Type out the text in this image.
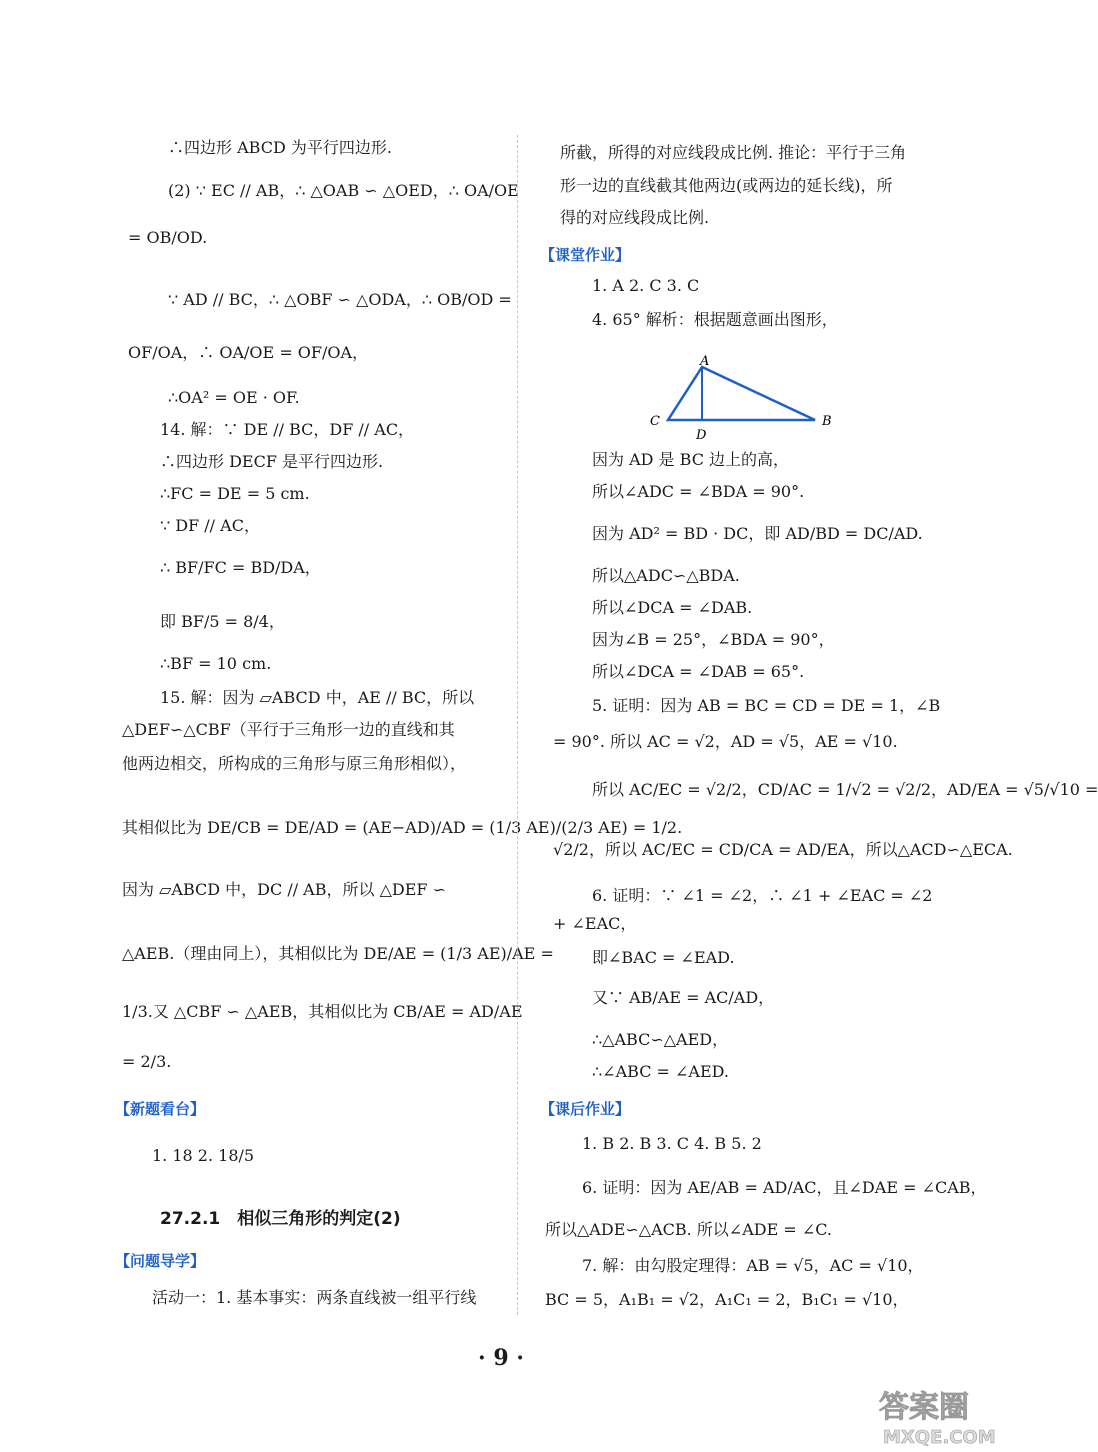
∴四边形 ABCD 为平行四边形.
(2) ∵ EC // AB，∴ △OAB ∽ △OED，∴ OA/OE
= OB/OD.
∵ AD // BC，∴ △OBF ∽ △ODA，∴ OB/OD =
OF/OA，∴ OA/OE = OF/OA，
∴OA² = OE · OF.
14. 解：∵ DE // BC，DF // AC，
∴四边形 DECF 是平行四边形.
∴FC = DE = 5 cm.
∵ DF // AC，
∴ BF/FC = BD/DA，
即 BF/5 = 8/4，
∴BF = 10 cm.
15. 解：因为 ▱ABCD 中，AE // BC，所以
△DEF∽△CBF（平行于三角形一边的直线和其
他两边相交，所构成的三角形与原三角形相似），
其相似比为 DE/CB = DE/AD = (AE−AD)/AD = (1/3 AE)/(2/3 AE) = 1/2.
因为 ▱ABCD 中，DC // AB，所以 △DEF ∽
△AEB.（理由同上），其相似比为 DE/AE = (1/3 AE)/AE =
1/3.又 △CBF ∽ △AEB，其相似比为 CB/AE = AD/AE
= 2/3.
【新题看台】
1. 18 2. 18/5
27.2.1　相似三角形的判定(2)
【问题导学】
活动一：1. 基本事实：两条直线被一组平行线
所截，所得的对应线段成比例. 推论：平行于三角
形一边的直线截其他两边(或两边的延长线)，所
得的对应线段成比例.
【课堂作业】
1. A 2. C 3. C
4. 65° 解析：根据题意画出图形，
A
C	B
D
因为 AD 是 BC 边上的高，
所以∠ADC = ∠BDA = 90°.
因为 AD² = BD · DC，即 AD/BD = DC/AD.
所以△ADC∽△BDA.
所以∠DCA = ∠DAB.
因为∠B = 25°，∠BDA = 90°，
所以∠DCA = ∠DAB = 65°.
5. 证明：因为 AB = BC = CD = DE = 1，∠B
= 90°. 所以 AC = √2，AD = √5，AE = √10.
所以 AC/EC = √2/2，CD/AC = 1/√2 = √2/2，AD/EA = √5/√10 =
√2/2，所以 AC/EC = CD/CA = AD/EA，所以△ACD∽△ECA.
6. 证明：∵ ∠1 = ∠2，∴ ∠1 + ∠EAC = ∠2
+ ∠EAC，
即∠BAC = ∠EAD.
又∵ AB/AE = AC/AD，
∴△ABC∽△AED，
∴∠ABC = ∠AED.
【课后作业】
1. B 2. B 3. C 4. B 5. 2
6. 证明：因为 AE/AB = AD/AC，且∠DAE = ∠CAB，
所以△ADE∽△ACB. 所以∠ADE = ∠C.
7. 解：由勾股定理得：AB = √5，AC = √10，
BC = 5，A₁B₁ = √2，A₁C₁ = 2，B₁C₁ = √10，
· 9 ·
答案圈
MXQE.COM
